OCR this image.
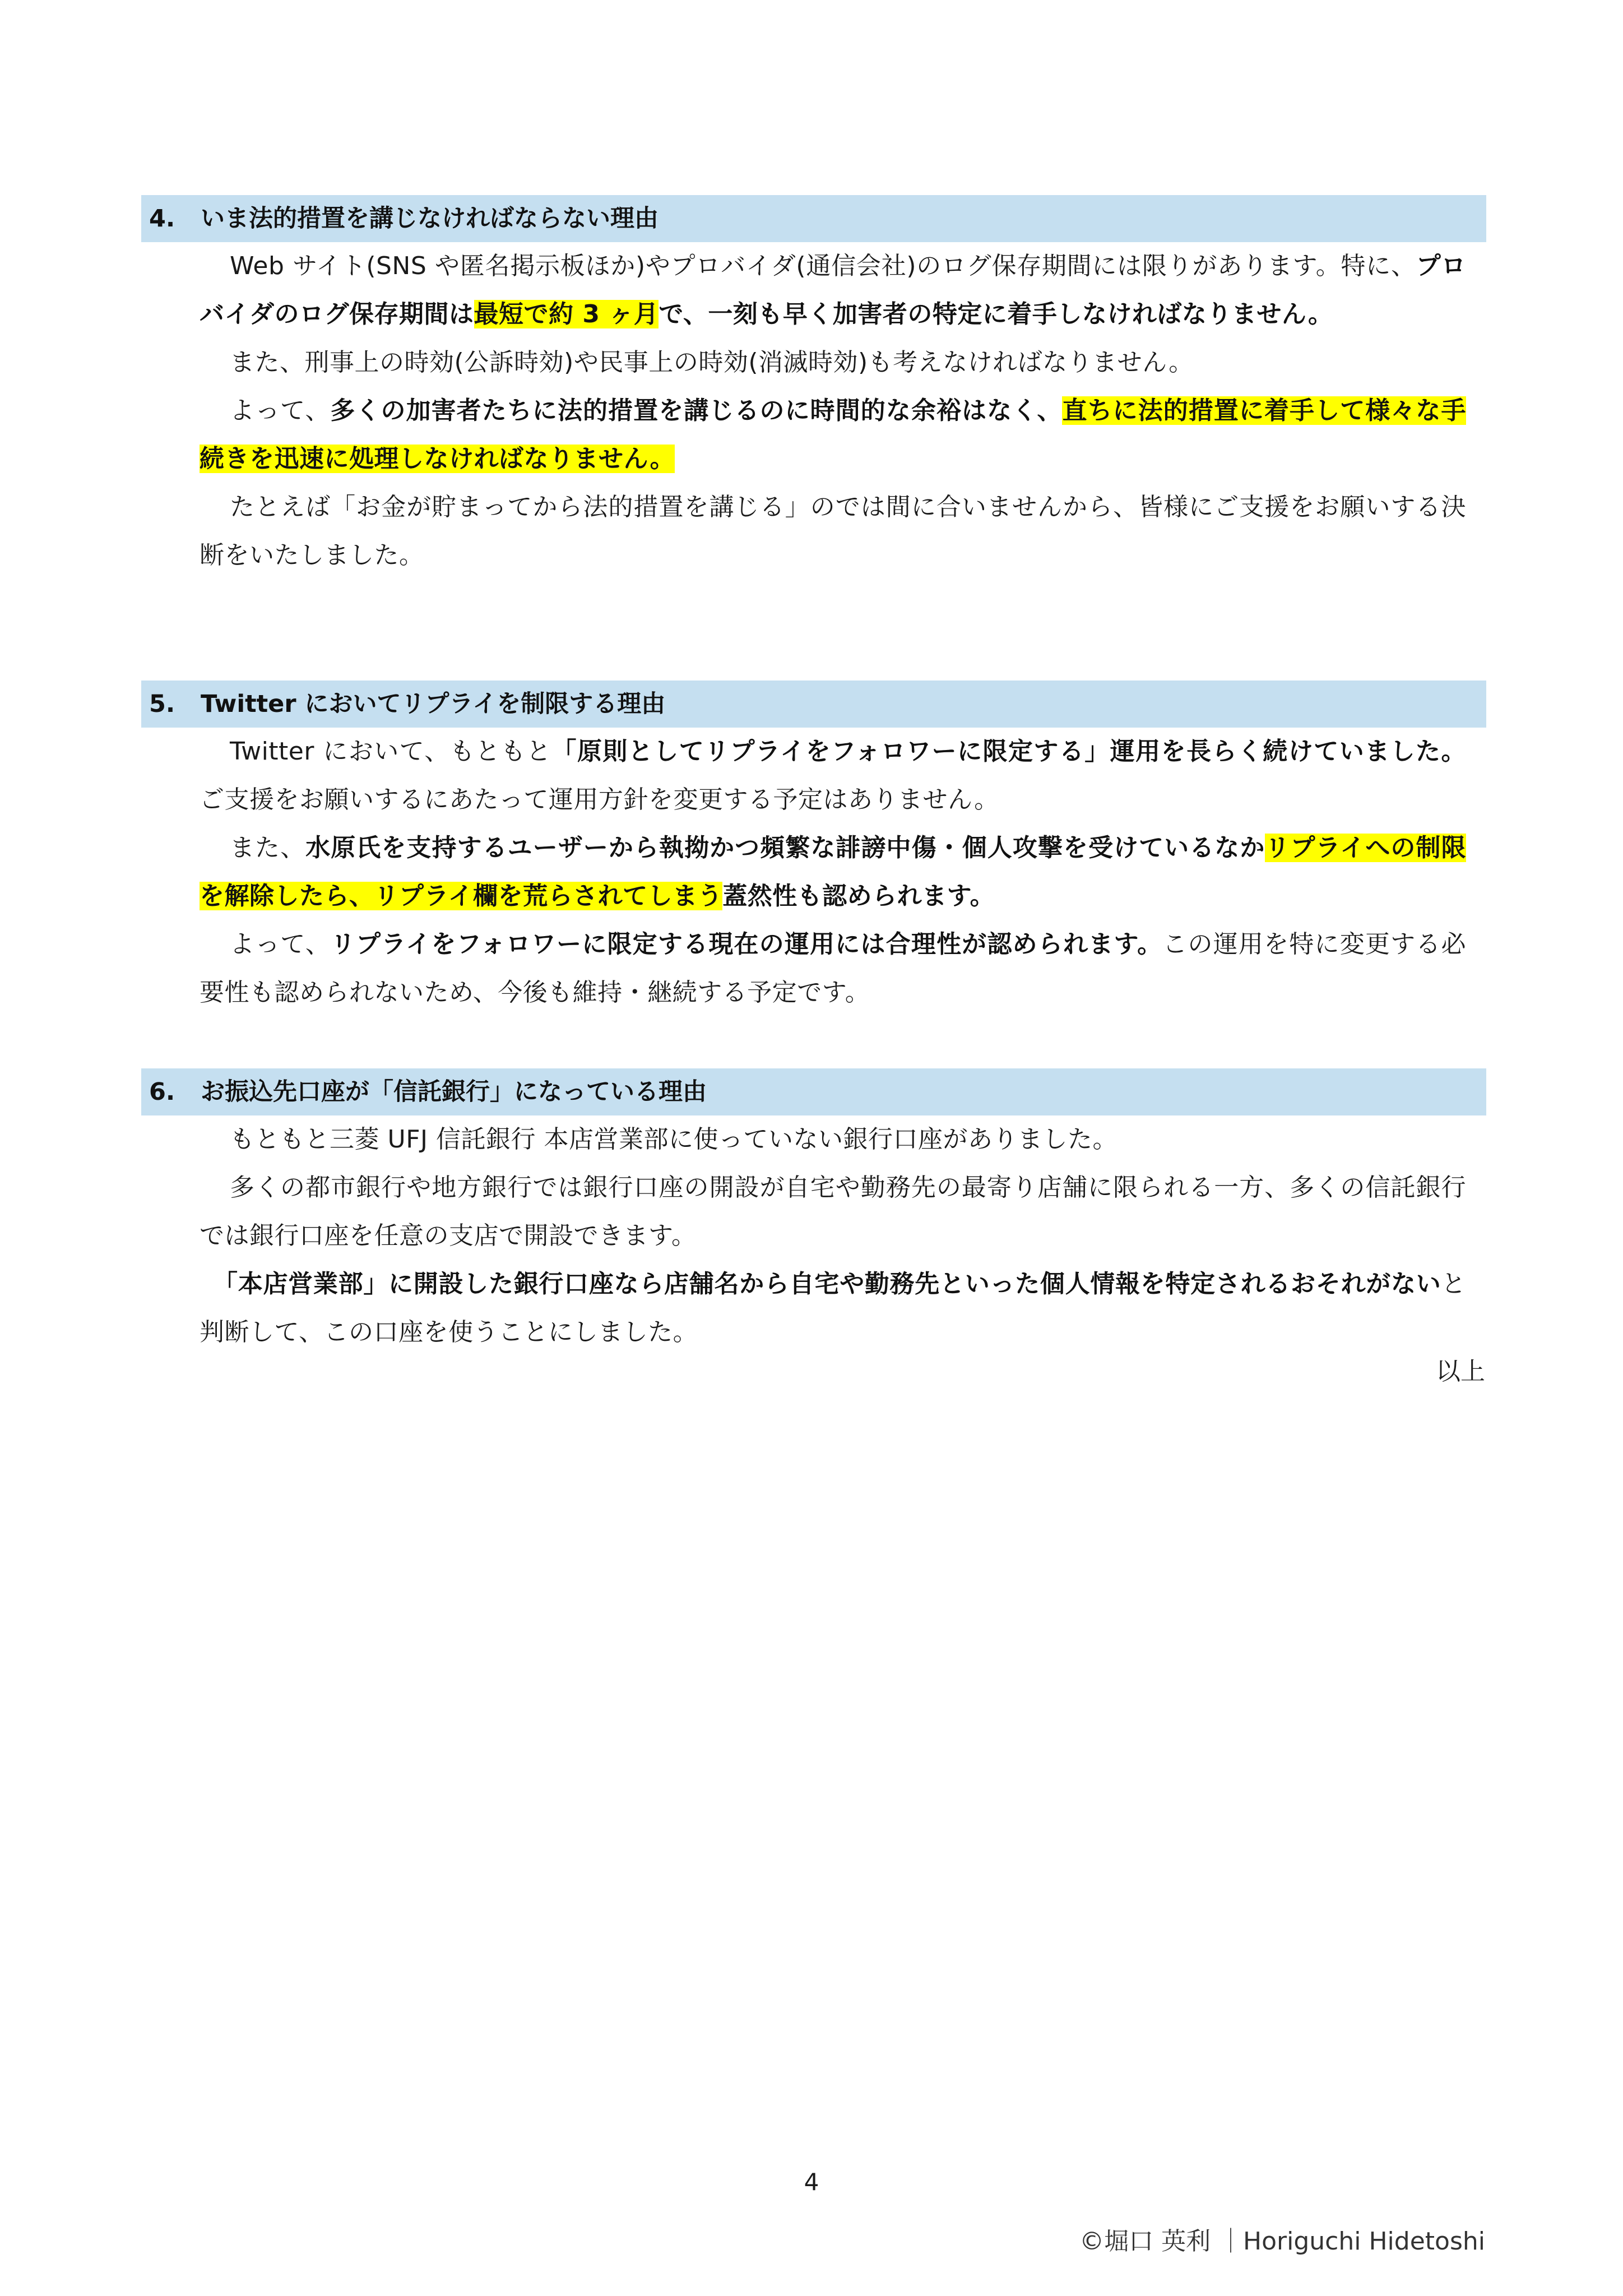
4. いま法的措置を講じなければならない理由

Web サイト(SNS や匿名掲示板ほか)やプロバイダ(通信会社)のログ保存期間には限りがあります。特に、プロバイダのログ保存期間は最短で約 3 ヶ月で、一刻も早く加害者の特定に着手しなければなりません。

また、刑事上の時効(公訴時効)や民事上の時効(消滅時効)も考えなければなりません。

よって、多くの加害者たちに法的措置を講じるのに時間的な余裕はなく、直ちに法的措置に着手して様々な手続きを迅速に処理しなければなりません。

たとえば「お金が貯まってから法的措置を講じる」のでは間に合いませんから、皆様にご支援をお願いする決断をいたしました。

5. Twitter においてリプライを制限する理由

Twitter において、もともと「原則としてリプライをフォロワーに限定する」運用を長らく続けていました。ご支援をお願いするにあたって運用方針を変更する予定はありません。

また、水原氏を支持するユーザーから執拗かつ頻繁な誹謗中傷・個人攻撃を受けているなかリプライへの制限を解除したら、リプライ欄を荒らされてしまう蓋然性も認められます。

よって、リプライをフォロワーに限定する現在の運用には合理性が認められます。この運用を特に変更する必要性も認められないため、今後も維持・継続する予定です。

6. お振込先口座が「信託銀行」になっている理由

もともと三菱 UFJ 信託銀行 本店営業部に使っていない銀行口座がありました。

多くの都市銀行や地方銀行では銀行口座の開設が自宅や勤務先の最寄り店舗に限られる一方、多くの信託銀行では銀行口座を任意の支店で開設できます。

「本店営業部」に開設した銀行口座なら店舗名から自宅や勤務先といった個人情報を特定されるおそれがないと判断して、この口座を使うことにしました。

以上
4
©堀口 英利 ｜Horiguchi Hidetoshi
